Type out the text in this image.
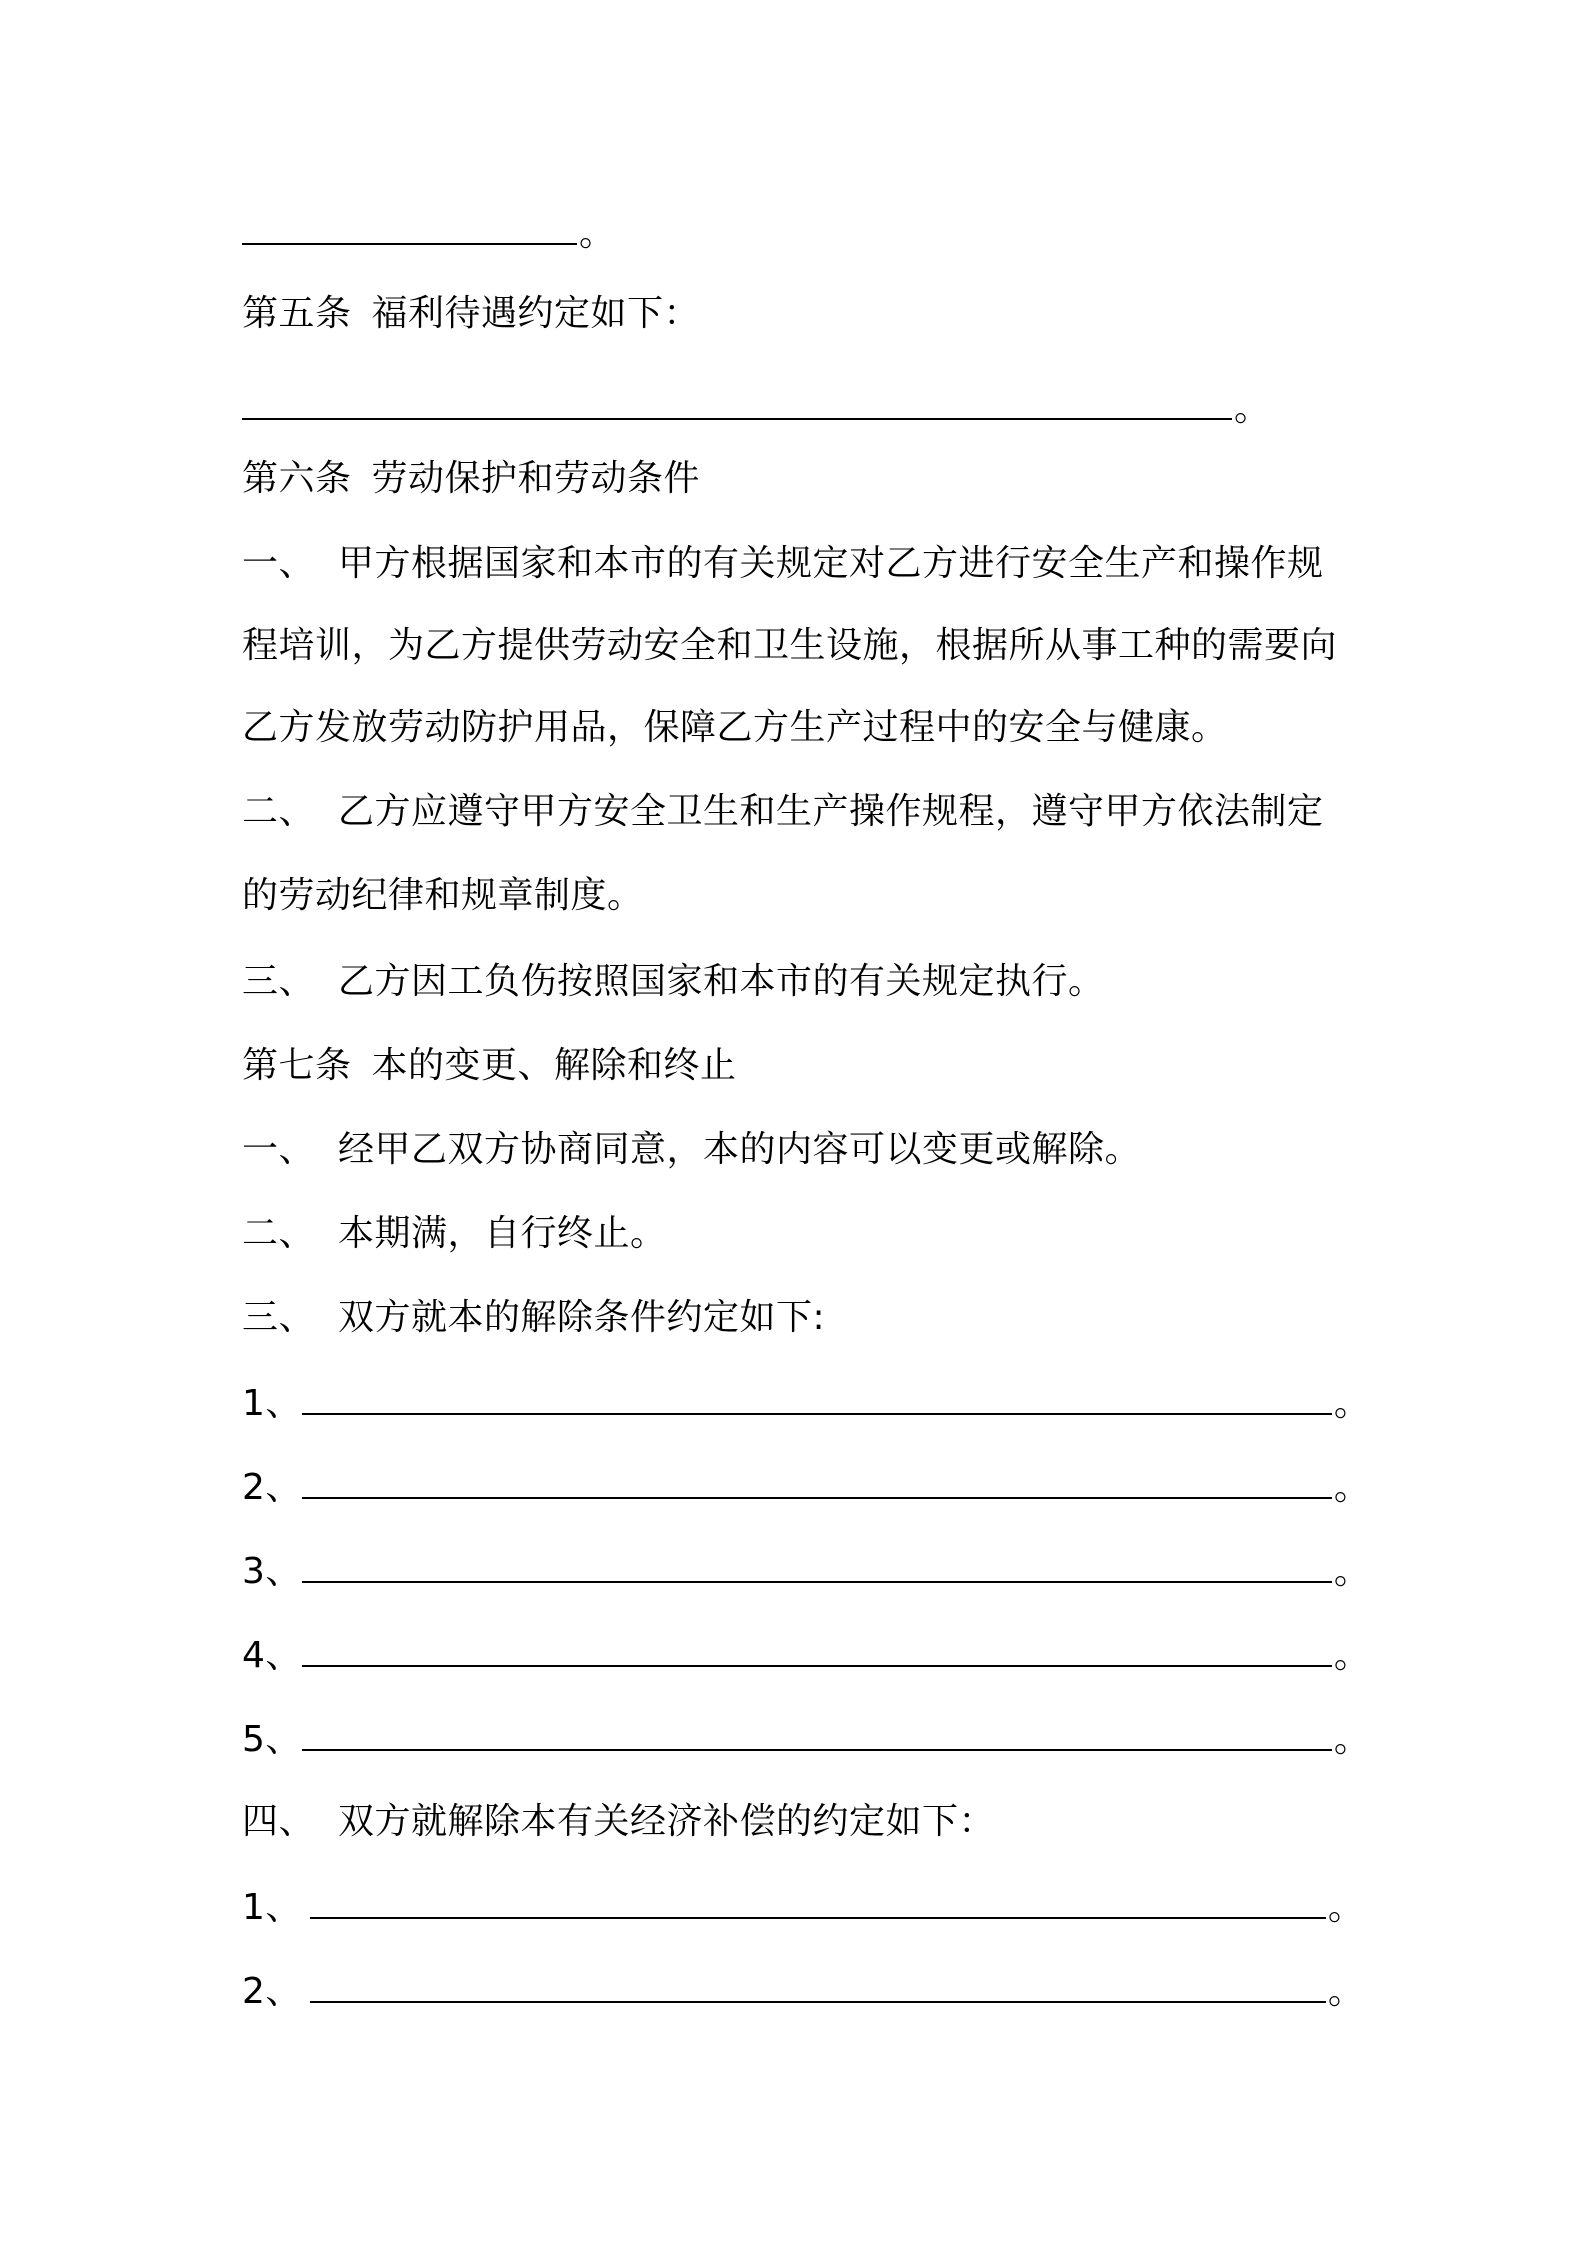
。
第五条 福利待遇约定如下：
。
第六条 劳动保护和劳动条件
一、 甲方根据国家和本市的有关规定对乙方进行安全生产和操作规
程培训，为乙方提供劳动安全和卫生设施，根据所从事工种的需要向
乙方发放劳动防护用品，保障乙方生产过程中的安全与健康。
二、 乙方应遵守甲方安全卫生和生产操作规程，遵守甲方依法制定
的劳动纪律和规章制度。
三、 乙方因工负伤按照国家和本市的有关规定执行。
第七条 本的变更、解除和终止
一、 经甲乙双方协商同意，本的内容可以变更或解除。
二、 本期满，自行终止。
三、 双方就本的解除条件约定如下:
1、	。
2、	。
3、	。
4、	。
5、	。
四、 双方就解除本有关经济补偿的约定如下：
1、	。
2、	。
